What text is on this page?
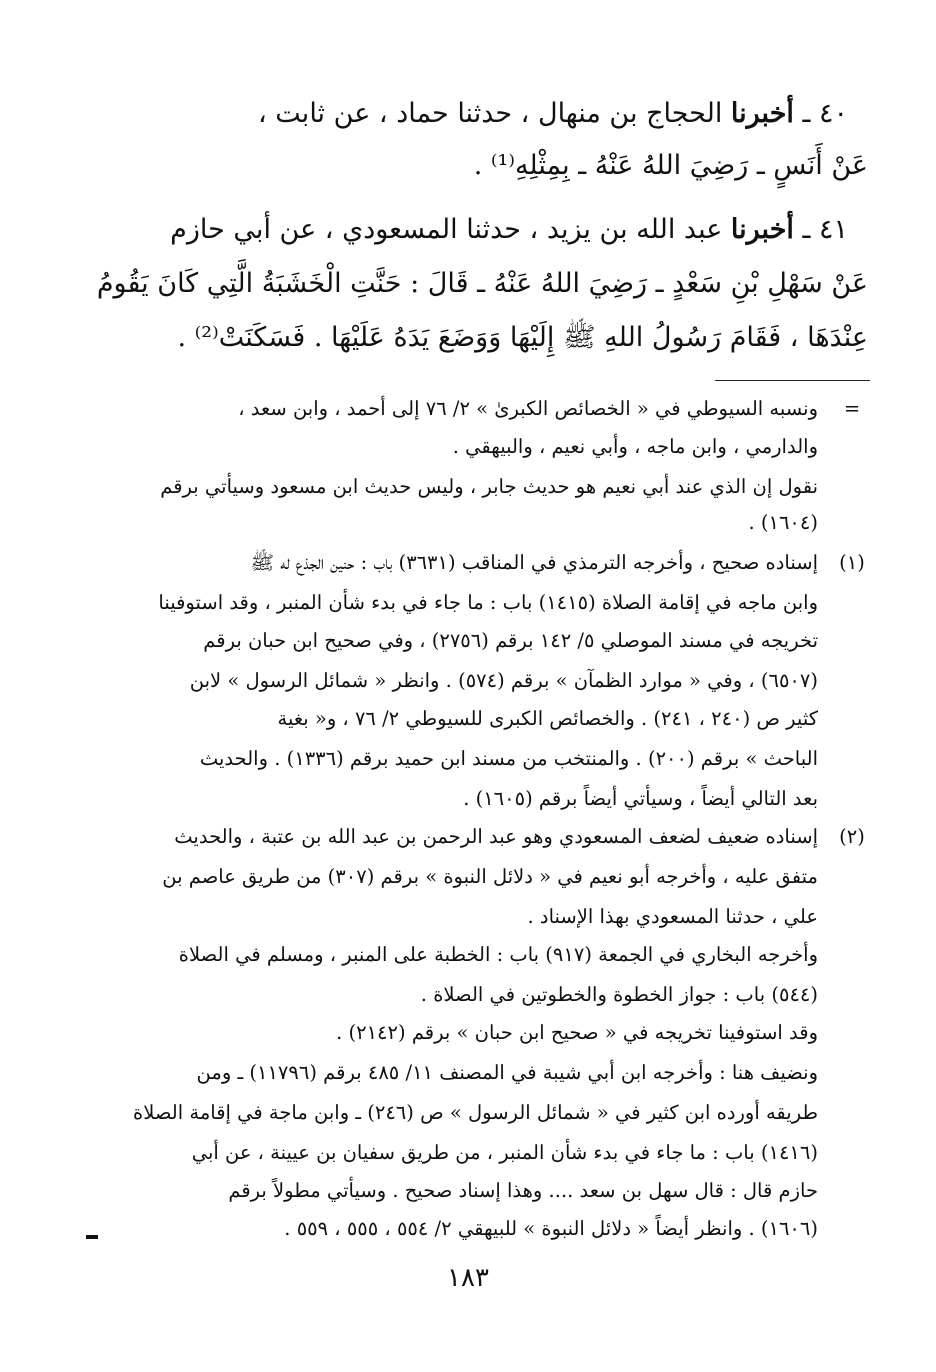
٤٠ ـ أخبرنا الحجاج بن منهال ، حدثنا حماد ، عن ثابت ،
عَنْ أَنَسٍ ـ رَضِيَ اللهُ عَنْهُ ـ بِمِثْلِهِ⁽¹⁾ .
٤١ ـ أخبرنا عبد الله بن يزيد ، حدثنا المسعودي ، عن أبي حازم
عَنْ سَهْلِ بْنِ سَعْدٍ ـ رَضِيَ اللهُ عَنْهُ ـ قَالَ : حَنَّتِ الْخَشَبَةُ الَّتِي كَانَ يَقُومُ
عِنْدَهَا ، فَقَامَ رَسُولُ اللهِ ﷺ إِلَيْهَا وَوَضَعَ يَدَهُ عَلَيْهَا . فَسَكَنَتْ⁽²⁾ .
=
ونسبه السيوطي في « الخصائص الكبرىٰ » ٢/ ٧٦ إلى أحمد ، وابن سعد ،
والدارمي ، وابن ماجه ، وأبي نعيم ، والبيهقي .
نقول إن الذي عند أبي نعيم هو حديث جابر ، وليس حديث ابن مسعود وسيأتي برقم
(١٦٠٤) .
(١)
إسناده صحيح ، وأخرجه الترمذي في المناقب (٣٦٣١) باب : حنين الجذع له ﷺ
وابن ماجه في إقامة الصلاة (١٤١٥) باب : ما جاء في بدء شأن المنبر ، وقد استوفينا
تخريجه في مسند الموصلي ٥/ ١٤٢ برقم (٢٧٥٦) ، وفي صحيح ابن حبان برقم
(٦٥٠٧) ، وفي « موارد الظمآن » برقم (٥٧٤) . وانظر « شمائل الرسول » لابن
كثير ص (٢٤٠ ، ٢٤١) . والخصائص الكبرى للسيوطي ٢/ ٧٦ ، و« بغية
الباحث » برقم (٢٠٠) . والمنتخب من مسند ابن حميد برقم (١٣٣٦) . والحديث
بعد التالي أيضاً ، وسيأتي أيضاً برقم (١٦٠٥) .
(٢)
إسناده ضعيف لضعف المسعودي وهو عبد الرحمن بن عبد الله بن عتبة ، والحديث
متفق عليه ، وأخرجه أبو نعيم في « دلائل النبوة » برقم (٣٠٧) من طريق عاصم بن
علي ، حدثنا المسعودي بهذا الإسناد .
وأخرجه البخاري في الجمعة (٩١٧) باب : الخطبة على المنبر ، ومسلم في الصلاة
(٥٤٤) باب : جواز الخطوة والخطوتين في الصلاة .
وقد استوفينا تخريجه في « صحيح ابن حبان » برقم (٢١٤٢) .
ونضيف هنا : وأخرجه ابن أبي شيبة في المصنف ١١/ ٤٨٥ برقم (١١٧٩٦) ـ ومن
طريقه أورده ابن كثير في « شمائل الرسول » ص (٢٤٦) ـ وابن ماجة في إقامة الصلاة
(١٤١٦) باب : ما جاء في بدء شأن المنبر ، من طريق سفيان بن عيينة ، عن أبي
حازم قال : قال سهل بن سعد .... وهذا إسناد صحيح . وسيأتي مطولاً برقم
(١٦٠٦) . وانظر أيضاً « دلائل النبوة » للبيهقي ٢/ ٥٥٤ ، ٥٥٥ ، ٥٥٩ .
١٨٣
